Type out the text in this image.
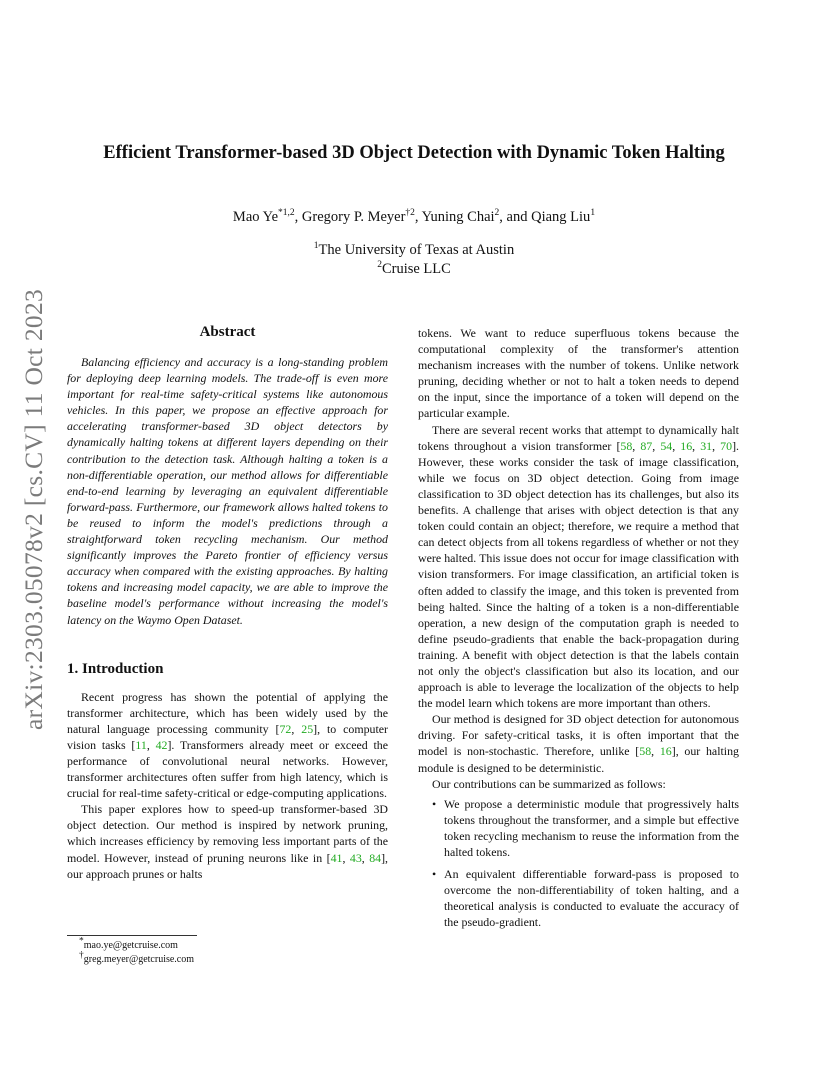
arXiv:2303.05078v2 [cs.CV] 11 Oct 2023
Efficient Transformer-based 3D Object Detection with Dynamic Token Halting
Mao Ye$^{*1,2}$, Gregory P. Meyer$^{\dagger 2}$, Yuning Chai$^2$, and Qiang Liu$^1$
$^1$The University of Texas at Austin
$^2$Cruise LLC
Abstract

Balancing efficiency and accuracy is a long-standing problem for deploying deep learning models. The trade-off is even more important for real-time safety-critical systems like autonomous vehicles. In this paper, we propose an effective approach for accelerating transformer-based 3D object detectors by dynamically halting tokens at different layers depending on their contribution to the detection task. Although halting a token is a non-differentiable operation, our method allows for differentiable end-to-end learning by leveraging an equivalent differentiable forward-pass. Furthermore, our framework allows halted tokens to be reused to inform the model's predictions through a straightforward token recycling mechanism. Our method significantly improves the Pareto frontier of efficiency versus accuracy when compared with the existing approaches. By halting tokens and increasing model capacity, we are able to improve the baseline model's performance without increasing the model's latency on the Waymo Open Dataset.

1. Introduction

Recent progress has shown the potential of applying the transformer architecture, which has been widely used by the natural language processing community [72, 25], to computer vision tasks [11, 42]. Transformers already meet or exceed the performance of convolutional neural networks. However, transformer architectures often suffer from high latency, which is crucial for real-time safety-critical or edge-computing applications.

This paper explores how to speed-up transformer-based 3D object detection. Our method is inspired by network pruning, which increases efficiency by removing less important parts of the model. However, instead of pruning neurons like in [41, 43, 84], our approach prunes or halts

tokens. We want to reduce superfluous tokens because the computational complexity of the transformer's attention mechanism increases with the number of tokens. Unlike network pruning, deciding whether or not to halt a token needs to depend on the input, since the importance of a token will depend on the particular example.

There are several recent works that attempt to dynamically halt tokens throughout a vision transformer [58, 87, 54, 16, 31, 70]. However, these works consider the task of image classification, while we focus on 3D object detection. Going from image classification to 3D object detection has its challenges, but also its benefits. A challenge that arises with object detection is that any token could contain an object; therefore, we require a method that can detect objects from all tokens regardless of whether or not they were halted. This issue does not occur for image classification with vision transformers. For image classification, an artificial token is often added to classify the image, and this token is prevented from being halted. Since the halting of a token is a non-differentiable operation, a new design of the computation graph is needed to define pseudo-gradients that enable the back-propagation during training. A benefit with object detection is that the labels contain not only the object's classification but also its location, and our approach is able to leverage the localization of the objects to help the model learn which tokens are more important than others.

Our method is designed for 3D object detection for autonomous driving. For safety-critical tasks, it is often important that the model is non-stochastic. Therefore, unlike [58, 16], our halting module is designed to be deterministic.

Our contributions can be summarized as follows:

• We propose a deterministic module that progressively halts tokens throughout the transformer, and a simple but effective token recycling mechanism to reuse the information from the halted tokens.
• An equivalent differentiable forward-pass is proposed to overcome the non-differentiability of token halting, and a theoretical analysis is conducted to evaluate the accuracy of the pseudo-gradient.
*mao.ye@getcruise.com
†greg.meyer@getcruise.com
